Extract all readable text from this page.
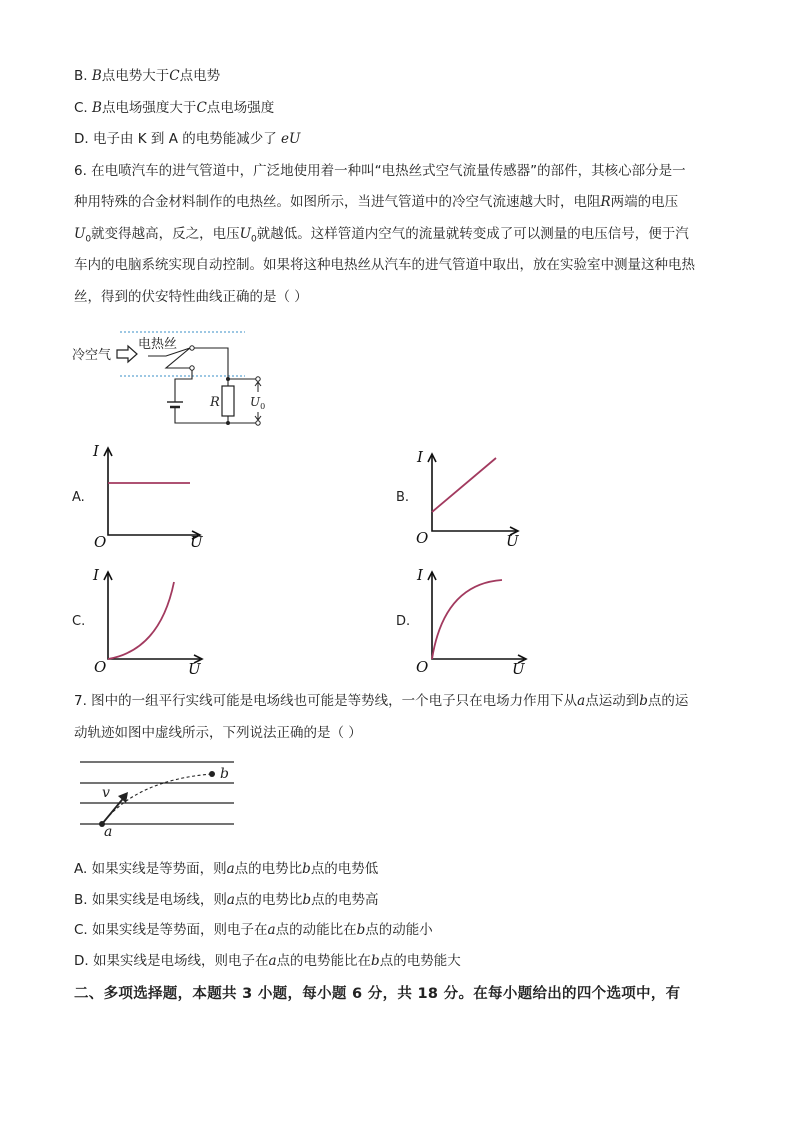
B. B点电势大于C点电势
C. B点电场强度大于C点电场强度
D. 电子由 K 到 A 的电势能减少了 eU
6. 在电喷汽车的进气管道中，广泛地使用着一种叫“电热丝式空气流量传感器”的部件，其核心部分是一
种用特殊的合金材料制作的电热丝。如图所示，当进气管道中的冷空气流速越大时，电阻R两端的电压
$U_0$就变得越高，反之，电压$U_0$就越低。这样管道内空气的流量就转变成了可以测量的电压信号，便于汽
车内的电脑系统实现自动控制。如果将这种电热丝从汽车的进气管道中取出，放在实验室中测量这种电热
丝，得到的伏安特性曲线正确的是（ ）
冷空气
电热丝
R	$U_0$
A.
I
O	U
B.
I
O	U
C.
I
O	U
D.
I
O	U
7. 图中的一组平行实线可能是电场线也可能是等势线，一个电子只在电场力作用下从a点运动到b点的运
动轨迹如图中虚线所示，下列说法正确的是（ ）
v
a
b
A. 如果实线是等势面，则a点的电势比b点的电势低
B. 如果实线是电场线，则a点的电势比b点的电势高
C. 如果实线是等势面，则电子在a点的动能比在b点的动能小
D. 如果实线是电场线，则电子在a点的电势能比在b点的电势能大
二、多项选择题，本题共 3 小题，每小题 6 分，共 18 分。在每小题给出的四个选项中，有
